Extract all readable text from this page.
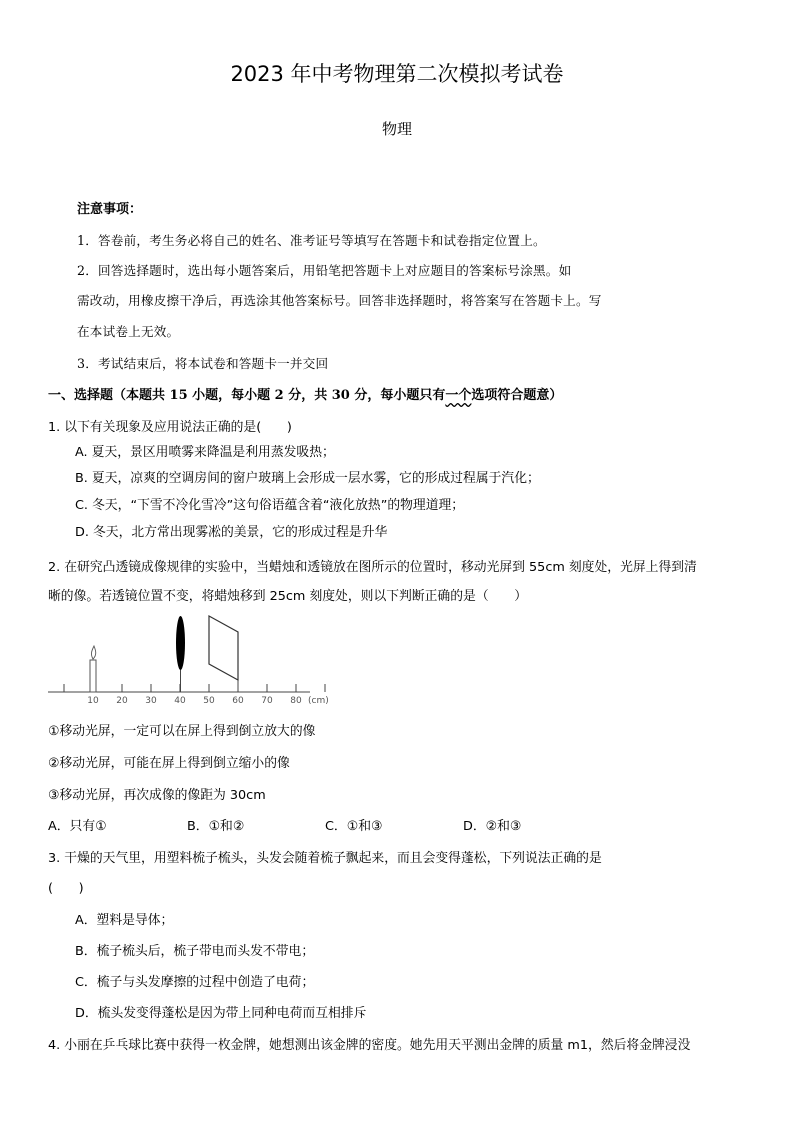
2023 年中考物理第二次模拟考试卷
物理
注意事项：
1．答卷前，考生务必将自己的姓名、准考证号等填写在答题卡和试卷指定位置上。
2．回答选择题时，选出每小题答案后，用铅笔把答题卡上对应题目的答案标号涂黑。如
需改动，用橡皮擦干净后，再选涂其他答案标号。回答非选择题时，将答案写在答题卡上。写
在本试卷上无效。
3．考试结束后，将本试卷和答题卡一并交回
一、选择题（本题共 15 小题，每小题 2 分，共 30 分，每小题只有一个选项符合题意）
1. 以下有关现象及应用说法正确的是(　　)
A. 夏天，景区用喷雾来降温是利用蒸发吸热；
B. 夏天，凉爽的空调房间的窗户玻璃上会形成一层水雾，它的形成过程属于汽化；
C. 冬天，“下雪不冷化雪冷”这句俗语蕴含着“液化放热”的物理道理；
D. 冬天，北方常出现雾凇的美景，它的形成过程是升华
2. 在研究凸透镜成像规律的实验中，当蜡烛和透镜放在图所示的位置时，移动光屏到 55cm 刻度处，光屏上得到清
晰的像。若透镜位置不变，将蜡烛移到 25cm 刻度处，则以下判断正确的是（　　）
10 20 30 40 50 60 70 80 (cm)
①移动光屏，一定可以在屏上得到倒立放大的像
②移动光屏，可能在屏上得到倒立缩小的像
③移动光屏，再次成像的像距为 30cm
A．只有①	B．①和②	C．①和③	D．②和③
3. 干燥的天气里，用塑料梳子梳头，头发会随着梳子飘起来，而且会变得蓬松，下列说法正确的是
(　　)
A．塑料是导体；
B．梳子梳头后，梳子带电而头发不带电；
C．梳子与头发摩擦的过程中创造了电荷；
D．梳头发变得蓬松是因为带上同种电荷而互相排斥
4. 小丽在乒乓球比赛中获得一枚金牌，她想测出该金牌的密度。她先用天平测出金牌的质量 m1，然后将金牌浸没
